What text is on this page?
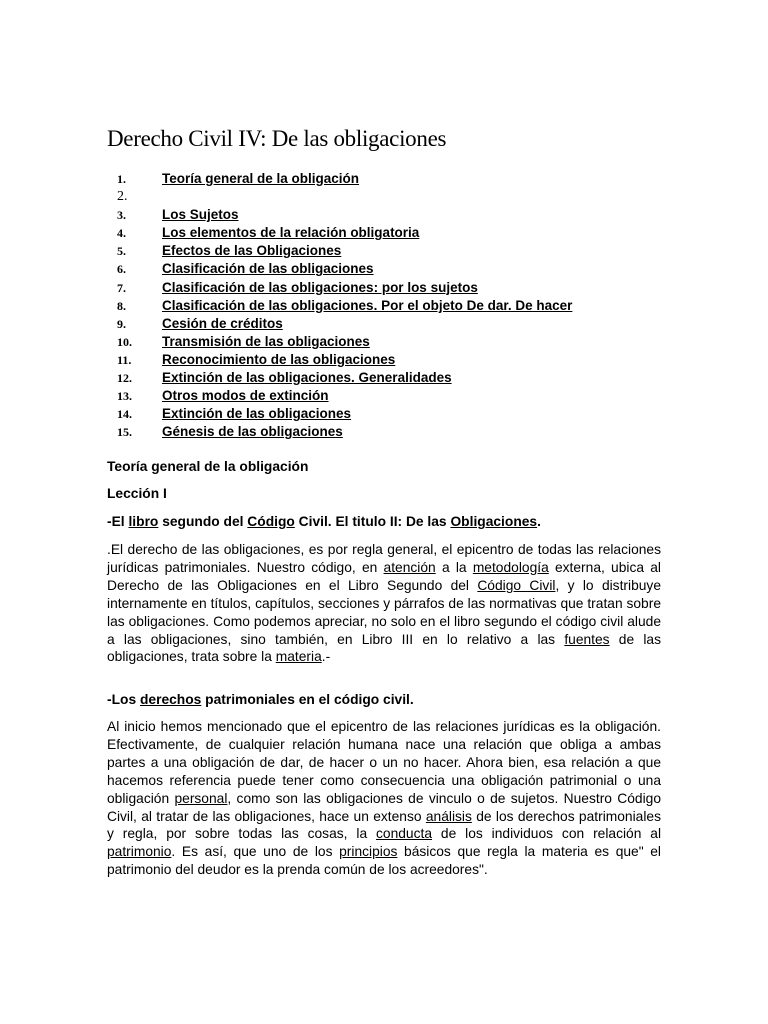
Derecho Civil IV: De las obligaciones
1.	Teoría general de la obligación
2.
3.	Los Sujetos
4.	Los elementos de la relación obligatoria
5.	Efectos de las Obligaciones
6.	Clasificación de las obligaciones
7.	Clasificación de las obligaciones: por los sujetos
8.	Clasificación de las obligaciones. Por el objeto De dar. De hacer
9.	Cesión de créditos
10.	Transmisión de las obligaciones
11.	Reconocimiento de las obligaciones
12.	Extinción de las obligaciones. Generalidades
13.	Otros modos de extinción
14.	Extinción de las obligaciones
15.	Génesis de las obligaciones
Teoría general de la obligación
Lección I
-El libro segundo del Código Civil. El titulo II: De las Obligaciones.

.El derecho de las obligaciones, es por regla general, el epicentro de todas las relaciones jurídicas patrimoniales. Nuestro código, en atención a la metodología externa, ubica al Derecho de las Obligaciones en el Libro Segundo del Código Civil, y lo distribuye internamente en títulos, capítulos, secciones y párrafos de las normativas que tratan sobre las obligaciones. Como podemos apreciar, no solo en el libro segundo el código civil alude a las obligaciones, sino también, en Libro III en lo relativo a las fuentes de las obligaciones, trata sobre la materia.-

-Los derechos patrimoniales en el código civil.

Al inicio hemos mencionado que el epicentro de las relaciones jurídicas es la obligación. Efectivamente, de cualquier relación humana nace una relación que obliga a ambas partes a una obligación de dar, de hacer o un no hacer. Ahora bien, esa relación a que hacemos referencia puede tener como consecuencia una obligación patrimonial o una obligación personal, como son las obligaciones de vinculo o de sujetos. Nuestro Código Civil, al tratar de las obligaciones, hace un extenso análisis de los derechos patrimoniales y regla, por sobre todas las cosas, la conducta de los individuos con relación al patrimonio. Es así, que uno de los principios básicos que regla la materia es que" el patrimonio del deudor es la prenda común de los acreedores".
